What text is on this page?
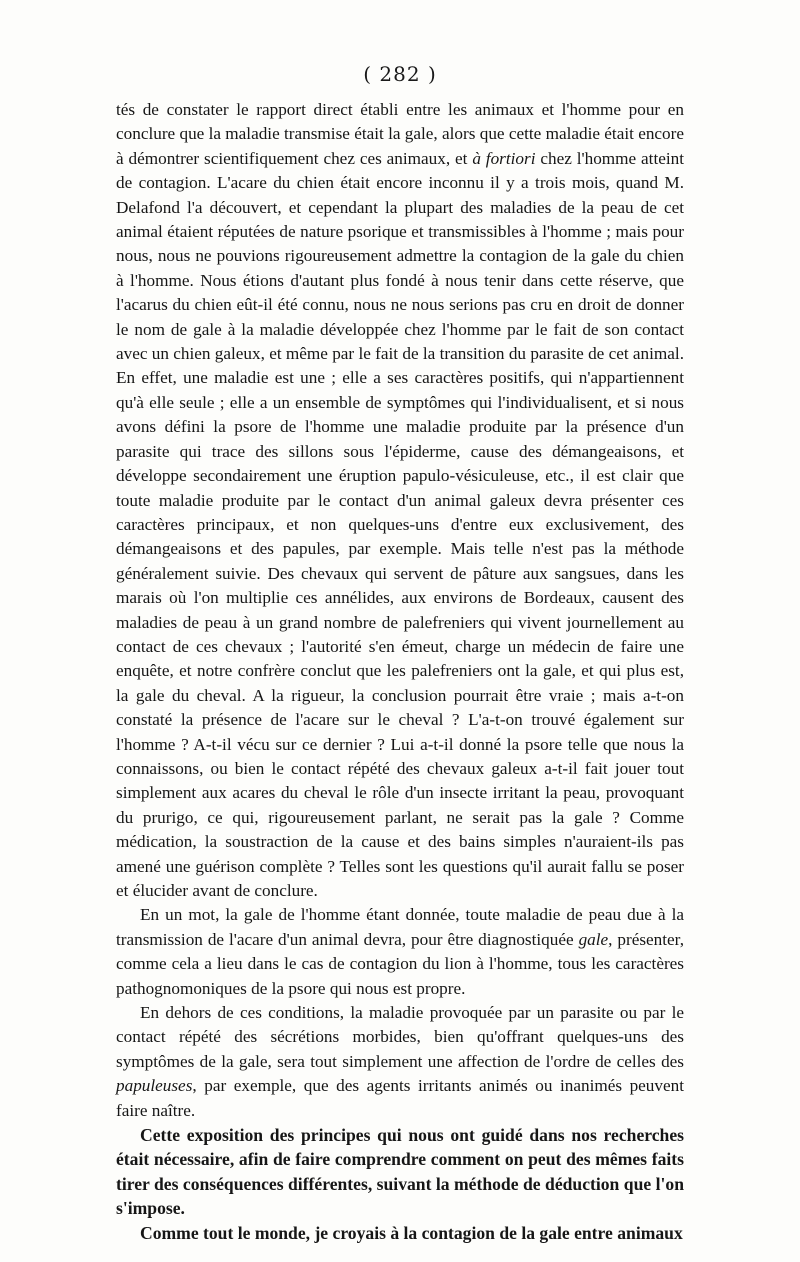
( 282 )

tés de constater le rapport direct établi entre les animaux et l'homme pour en conclure que la maladie transmise était la gale, alors que cette maladie était encore à démontrer scientifiquement chez ces animaux, et à fortiori chez l'homme atteint de contagion. L'acare du chien était encore inconnu il y a trois mois, quand M. Delafond l'a découvert, et cependant la plupart des maladies de la peau de cet animal étaient réputées de nature psorique et transmissibles à l'homme ; mais pour nous, nous ne pouvions rigoureusement admettre la contagion de la gale du chien à l'homme. Nous étions d'autant plus fondé à nous tenir dans cette réserve, que l'acarus du chien eût-il été connu, nous ne nous serions pas cru en droit de donner le nom de gale à la maladie développée chez l'homme par le fait de son contact avec un chien galeux, et même par le fait de la transition du parasite de cet animal. En effet, une maladie est une ; elle a ses caractères positifs, qui n'appartiennent qu'à elle seule ; elle a un ensemble de symptômes qui l'individualisent, et si nous avons défini la psore de l'homme une maladie produite par la présence d'un parasite qui trace des sillons sous l'épiderme, cause des démangeaisons, et développe secondairement une éruption papulo-vésiculeuse, etc., il est clair que toute maladie produite par le contact d'un animal galeux devra présenter ces caractères principaux, et non quelques-uns d'entre eux exclusivement, des démangeaisons et des papules, par exemple. Mais telle n'est pas la méthode généralement suivie. Des chevaux qui servent de pâture aux sangsues, dans les marais où l'on multiplie ces annélides, aux environs de Bordeaux, causent des maladies de peau à un grand nombre de palefreniers qui vivent journellement au contact de ces chevaux ; l'autorité s'en émeut, charge un médecin de faire une enquête, et notre confrère conclut que les palefreniers ont la gale, et qui plus est, la gale du cheval. A la rigueur, la conclusion pourrait être vraie ; mais a-t-on constaté la présence de l'acare sur le cheval ? L'a-t-on trouvé également sur l'homme ? A-t-il vécu sur ce dernier ? Lui a-t-il donné la psore telle que nous la connaissons, ou bien le contact répété des chevaux galeux a-t-il fait jouer tout simplement aux acares du cheval le rôle d'un insecte irritant la peau, provoquant du prurigo, ce qui, rigoureusement parlant, ne serait pas la gale ? Comme médication, la soustraction de la cause et des bains simples n'auraient-ils pas amené une guérison complète ? Telles sont les questions qu'il aurait fallu se poser et élucider avant de conclure.

En un mot, la gale de l'homme étant donnée, toute maladie de peau due à la transmission de l'acare d'un animal devra, pour être diagnostiquée gale, présenter, comme cela a lieu dans le cas de contagion du lion à l'homme, tous les caractères pathognomoniques de la psore qui nous est propre.

En dehors de ces conditions, la maladie provoquée par un parasite ou par le contact répété des sécrétions morbides, bien qu'offrant quelques-uns des symptômes de la gale, sera tout simplement une affection de l'ordre de celles des papuleuses, par exemple, que des agents irritants animés ou inanimés peuvent faire naître.

Cette exposition des principes qui nous ont guidé dans nos recherches était nécessaire, afin de faire comprendre comment on peut des mêmes faits tirer des conséquences différentes, suivant la méthode de déduction que l'on s'impose.

Comme tout le monde, je croyais à la contagion de la gale entre animaux
